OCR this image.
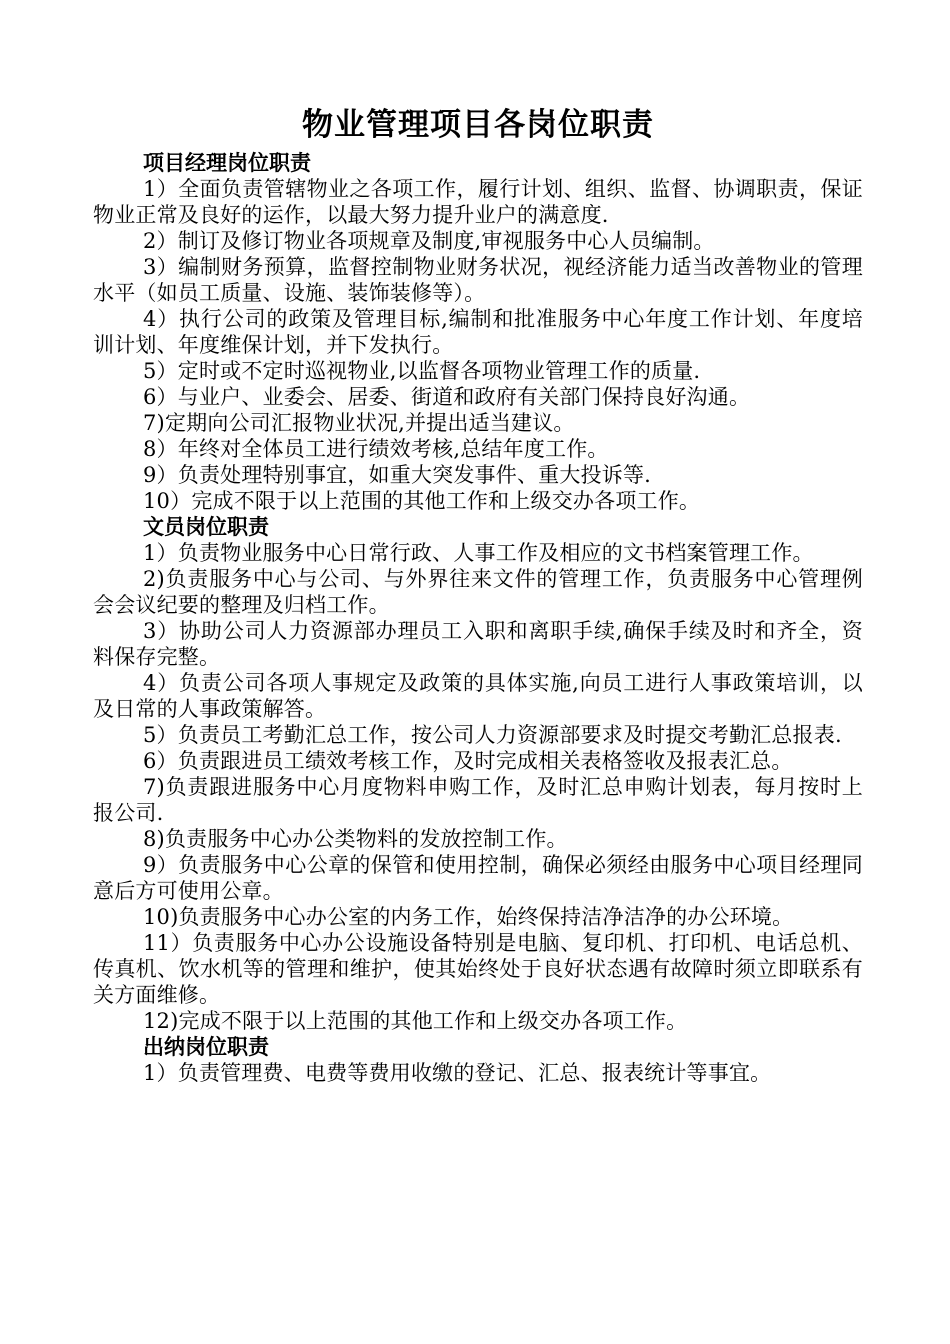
物业管理项目各岗位职责
项目经理岗位职责

1）全面负责管辖物业之各项工作，履行计划、组织、监督、协调职责，保证物业正常及良好的运作，以最大努力提升业户的满意度.

2）制订及修订物业各项规章及制度,审视服务中心人员编制。

3）编制财务预算，监督控制物业财务状况，视经济能力适当改善物业的管理水平（如员工质量、设施、装饰装修等）。

4）执行公司的政策及管理目标,编制和批准服务中心年度工作计划、年度培训计划、年度维保计划，并下发执行。

5）定时或不定时巡视物业,以监督各项物业管理工作的质量.

6）与业户、业委会、居委、街道和政府有关部门保持良好沟通。

7)定期向公司汇报物业状况,并提出适当建议。

8）年终对全体员工进行绩效考核,总结年度工作。

9）负责处理特别事宜，如重大突发事件、重大投诉等.

10）完成不限于以上范围的其他工作和上级交办各项工作。

文员岗位职责

1）负责物业服务中心日常行政、人事工作及相应的文书档案管理工作。

2)负责服务中心与公司、与外界往来文件的管理工作，负责服务中心管理例会会议纪要的整理及归档工作。

3）协助公司人力资源部办理员工入职和离职手续,确保手续及时和齐全，资料保存完整。

4）负责公司各项人事规定及政策的具体实施,向员工进行人事政策培训，以及日常的人事政策解答。

5）负责员工考勤汇总工作，按公司人力资源部要求及时提交考勤汇总报表.

6）负责跟进员工绩效考核工作，及时完成相关表格签收及报表汇总。

7)负责跟进服务中心月度物料申购工作，及时汇总申购计划表，每月按时上报公司.

8)负责服务中心办公类物料的发放控制工作。

9）负责服务中心公章的保管和使用控制，确保必须经由服务中心项目经理同意后方可使用公章。

10)负责服务中心办公室的内务工作，始终保持洁净洁净的办公环境。

11）负责服务中心办公设施设备特别是电脑、复印机、打印机、电话总机、传真机、饮水机等的管理和维护，使其始终处于良好状态遇有故障时须立即联系有关方面维修。

12)完成不限于以上范围的其他工作和上级交办各项工作。

出纳岗位职责

1）负责管理费、电费等费用收缴的登记、汇总、报表统计等事宜。
